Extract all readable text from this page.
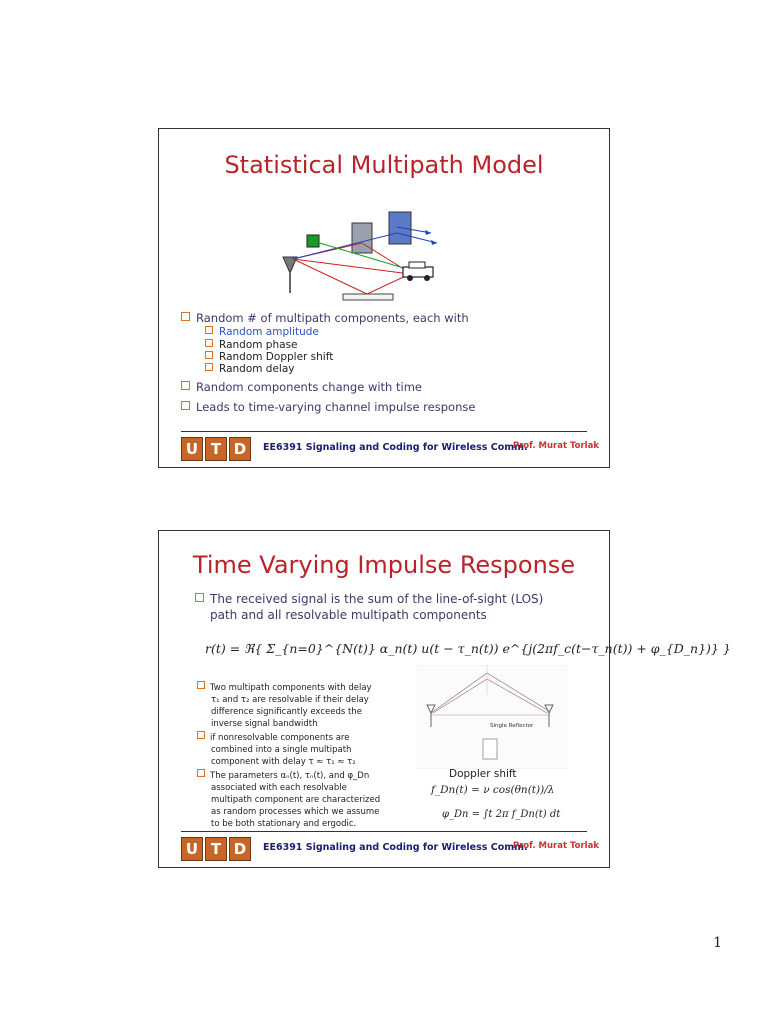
Statistical Multipath Model
Random # of multipath components, each with
Random amplitude
Random phase
Random Doppler shift
Random delay
Random components change with time
Leads to time-varying channel impulse response
U T D	EE6391 Signaling and Coding for Wireless Comm.
Prof. Murat Torlak
Time Varying Impulse Response
The received signal is the sum of the line-of-sight (LOS)
path and all resolvable multipath components
r(t) = ℜ{ Σ_{n=0}^{N(t)} α_n(t) u(t − τ_n(t)) e^{j(2πf_c(t−τ_n(t)) + φ_{D_n})} }
Two multipath components with delay
τ₁ and τ₂ are resolvable if their delay
difference significantly exceeds the
inverse signal bandwidth
if nonresolvable components are
combined into a single multipath
component with delay τ ≈ τ₁ ≈ τ₂
The parameters αₙ(t), τₙ(t), and φ_Dn
associated with each resolvable
multipath component are characterized
as random processes which we assume
to be both stationary and ergodic.
Single Reflector
Doppler shift
f_Dn(t) = ν cos(θn(t))/λ
φ_Dn = ∫t 2π f_Dn(t) dt
U T D	EE6391 Signaling and Coding for Wireless Comm.
Prof. Murat Torlak
1
